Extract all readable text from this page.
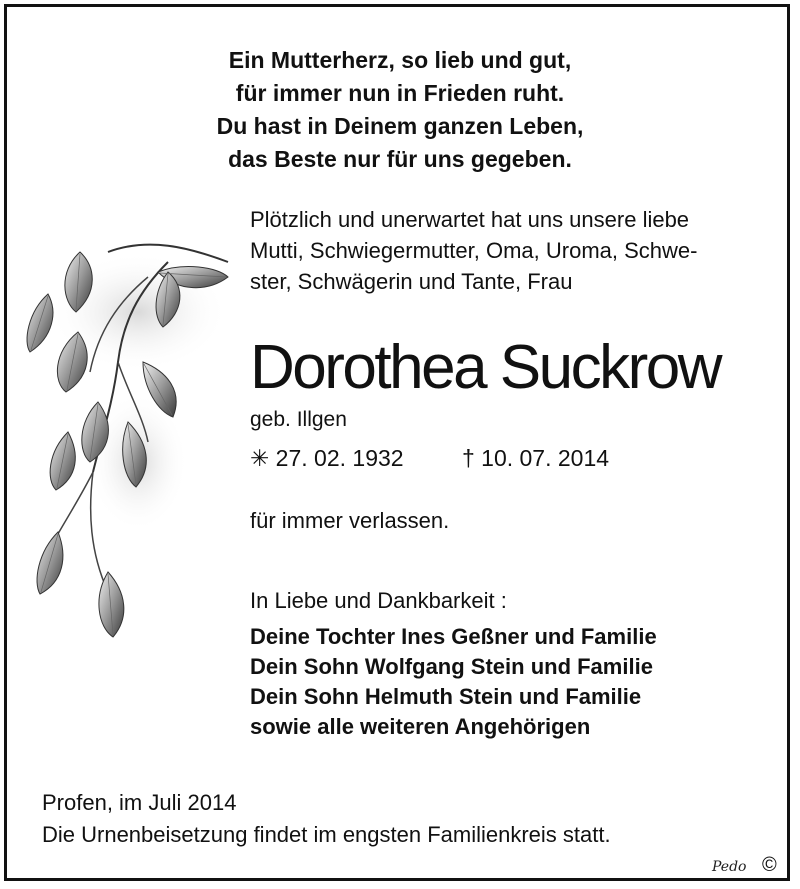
Ein Mutterherz, so lieb und gut,
für immer nun in Frieden ruht.
Du hast in Deinem ganzen Leben,
das Beste nur für uns gegeben.
Plötzlich und unerwartet hat uns unsere liebe
Mutti, Schwiegermutter, Oma, Uroma, Schwe-
ster, Schwägerin und Tante, Frau
Dorothea Suckrow
geb. Illgen
✳ 27. 02. 1932	† 10. 07. 2014
für immer verlassen.
In Liebe und Dankbarkeit :
Deine Tochter Ines Geßner und Familie
Dein Sohn Wolfgang Stein und Familie
Dein Sohn Helmuth Stein und Familie
sowie alle weiteren Angehörigen
Profen, im Juli 2014
Die Urnenbeisetzung findet im engsten Familienkreis statt.
Pedo ©
